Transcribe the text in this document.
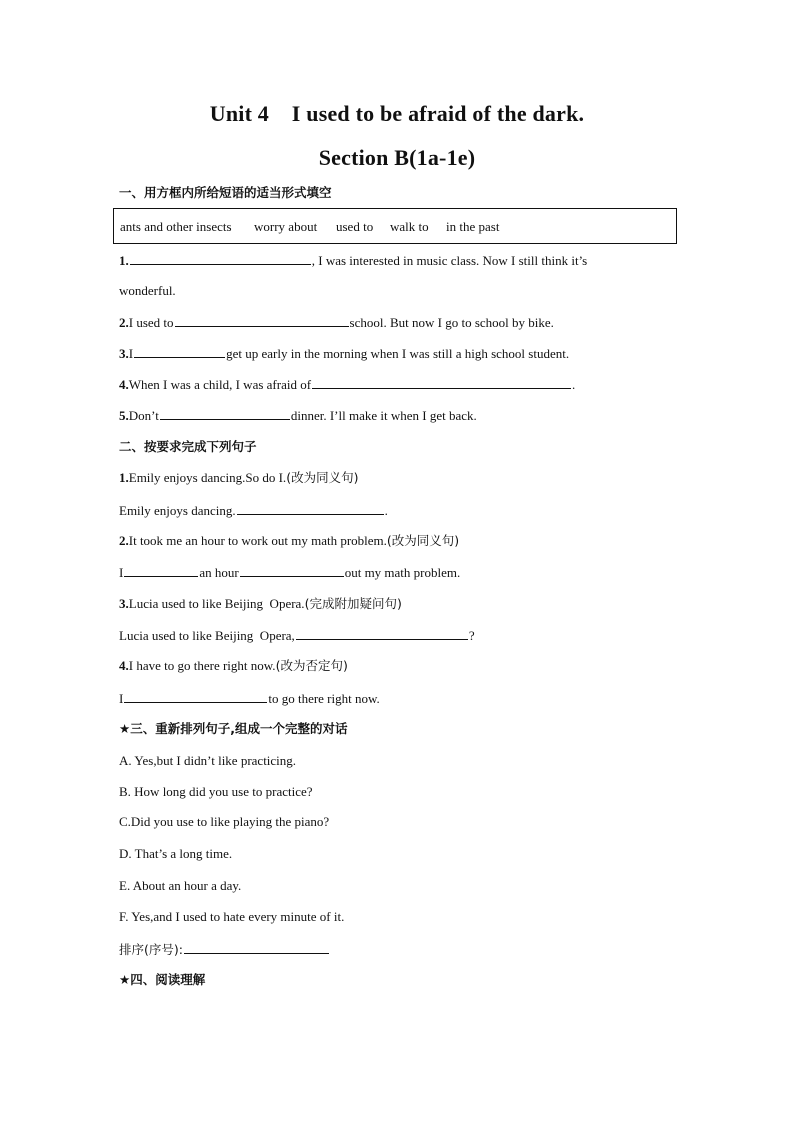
Unit 4    I used to be afraid of the dark.
Section B(1a-1e)
一、用方框内所给短语的适当形式填空
ants and other insects worry about used to walk to in the past
1.	, I was interested in music class. Now I still think it’s
wonderful.
2.I used to	school. But now I go to school by bike.
3.I	get up early in the morning when I was still a high school student.
4.When I was a child, I was afraid of	.
5.Don’t	dinner. I’ll make it when I get back.
二、按要求完成下列句子
1.Emily enjoys dancing.So do I.(改为同义句)
Emily enjoys dancing.	.
2.It took me an hour to work out my math problem.(改为同义句)
I	an hour	out my math problem.
3.Lucia used to like Beijing  Opera.(完成附加疑问句)
Lucia used to like Beijing  Opera,	?
4.I have to go there right now.(改为否定句)
I	to go there right now.
★三、重新排列句子,组成一个完整的对话
A. Yes,but I didn’t like practicing.
B. How long did you use to practice?
C.Did you use to like playing the piano?
D. That’s a long time.
E. About an hour a day.
F. Yes,and I used to hate every minute of it.
排序(序号):
★四、阅读理解
